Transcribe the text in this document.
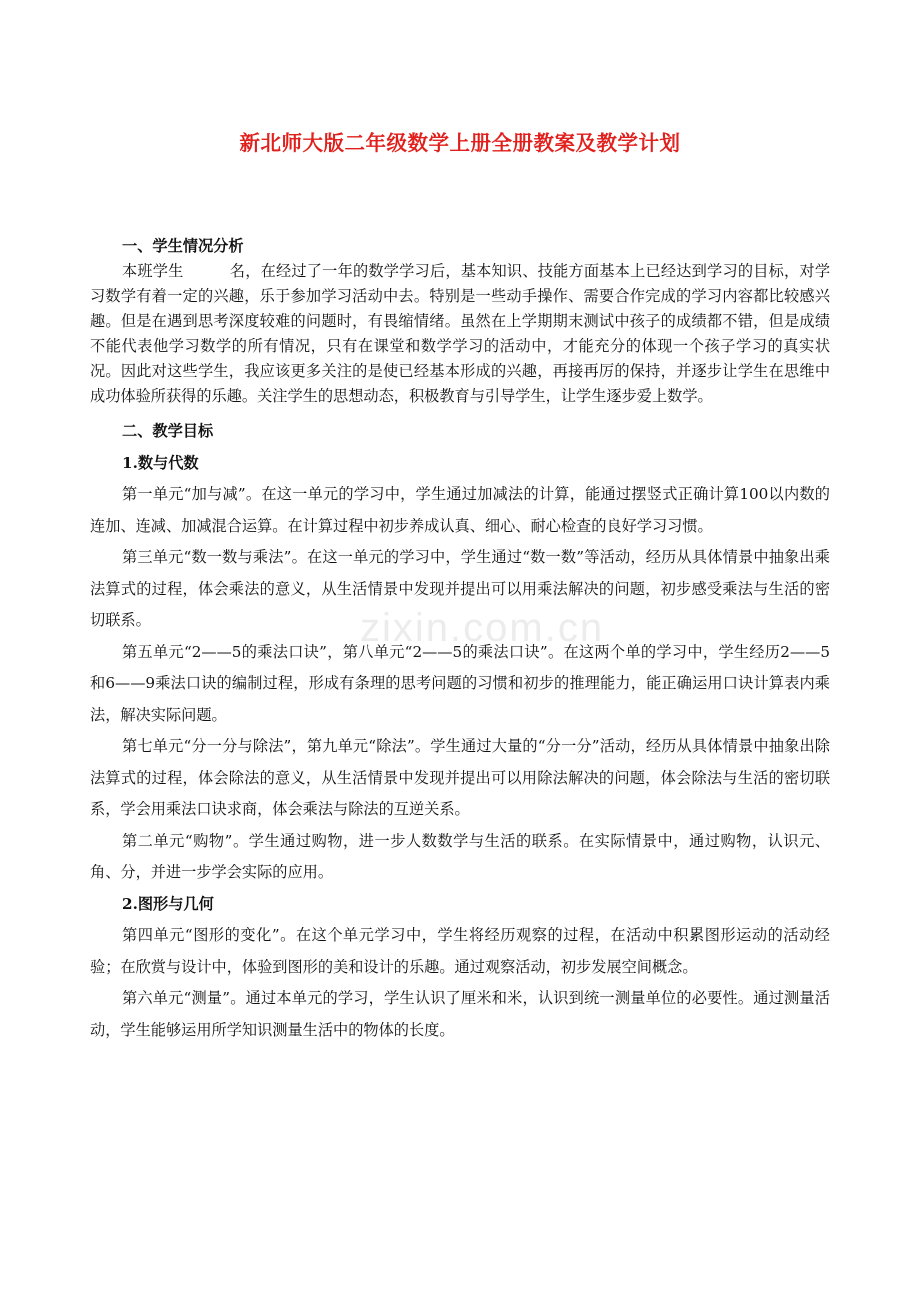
zixin.com.cn
新北师大版二年级数学上册全册教案及教学计划

一、学生情况分析

本班学生	名，在经过了一年的数学学习后，基本知识、技能方面基本上已经达到学习的目标，对学习数学有着一定的兴趣，乐于参加学习活动中去。特别是一些动手操作、需要合作完成的学习内容都比较感兴趣。但是在遇到思考深度较难的问题时，有畏缩情绪。虽然在上学期期末测试中孩子的成绩都不错，但是成绩不能代表他学习数学的所有情况，只有在课堂和数学学习的活动中，才能充分的体现一个孩子学习的真实状况。因此对这些学生，我应该更多关注的是使已经基本形成的兴趣，再接再厉的保持，并逐步让学生在思维中成功体验所获得的乐趣。关注学生的思想动态，积极教育与引导学生，让学生逐步爱上数学。

二、教学目标

1.数与代数

第一单元“加与减”。在这一单元的学习中，学生通过加减法的计算，能通过摆竖式正确计算100以内数的连加、连减、加减混合运算。在计算过程中初步养成认真、细心、耐心检查的良好学习习惯。

第三单元“数一数与乘法”。在这一单元的学习中，学生通过“数一数”等活动，经历从具体情景中抽象出乘法算式的过程，体会乘法的意义，从生活情景中发现并提出可以用乘法解决的问题，初步感受乘法与生活的密切联系。

第五单元“2——5的乘法口诀”，第八单元“2——5的乘法口诀”。在这两个单的学习中，学生经历2——5和6——9乘法口诀的编制过程，形成有条理的思考问题的习惯和初步的推理能力，能正确运用口诀计算表内乘法，解决实际问题。

第七单元“分一分与除法”，第九单元“除法”。学生通过大量的“分一分”活动，经历从具体情景中抽象出除法算式的过程，体会除法的意义，从生活情景中发现并提出可以用除法解决的问题，体会除法与生活的密切联系，学会用乘法口诀求商，体会乘法与除法的互逆关系。

第二单元“购物”。学生通过购物，进一步人数数学与生活的联系。在实际情景中，通过购物，认识元、角、分，并进一步学会实际的应用。

2.图形与几何

第四单元“图形的变化”。在这个单元学习中，学生将经历观察的过程，在活动中积累图形运动的活动经验；在欣赏与设计中，体验到图形的美和设计的乐趣。通过观察活动，初步发展空间概念。

第六单元“测量”。通过本单元的学习，学生认识了厘米和米，认识到统一测量单位的必要性。通过测量活动，学生能够运用所学知识测量生活中的物体的长度。
